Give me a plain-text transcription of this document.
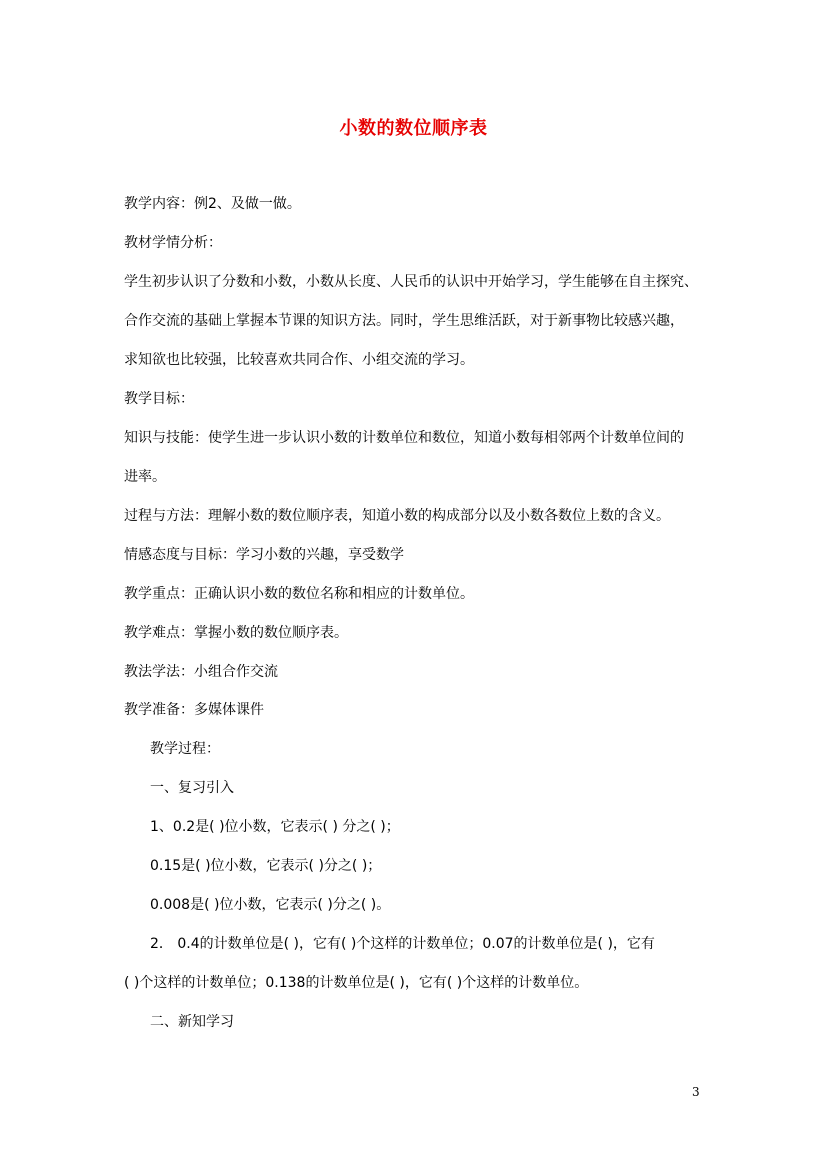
小数的数位顺序表
教学内容：例2、及做一做。
教材学情分析：
学生初步认识了分数和小数，小数从长度、人民币的认识中开始学习，学生能够在自主探究、
合作交流的基础上掌握本节课的知识方法。同时，学生思维活跃，对于新事物比较感兴趣，
求知欲也比较强，比较喜欢共同合作、小组交流的学习。
教学目标：
知识与技能：使学生进一步认识小数的计数单位和数位，知道小数每相邻两个计数单位间的
进率。
过程与方法：理解小数的数位顺序表，知道小数的构成部分以及小数各数位上数的含义。
情感态度与目标：学习小数的兴趣，享受数学
教学重点：正确认识小数的数位名称和相应的计数单位。
教学难点：掌握小数的数位顺序表。
教法学法：小组合作交流
教学准备：多媒体课件
教学过程：
一、复习引入
1、0.2是( )位小数，它表示( ) 分之( )；
0.15是( )位小数，它表示( )分之( )；
0.008是( )位小数，它表示( )分之( )。
2． 0.4的计数单位是( )，它有( )个这样的计数单位；0.07的计数单位是( )，它有
( )个这样的计数单位；0.138的计数单位是( )，它有( )个这样的计数单位。
二、新知学习
3
